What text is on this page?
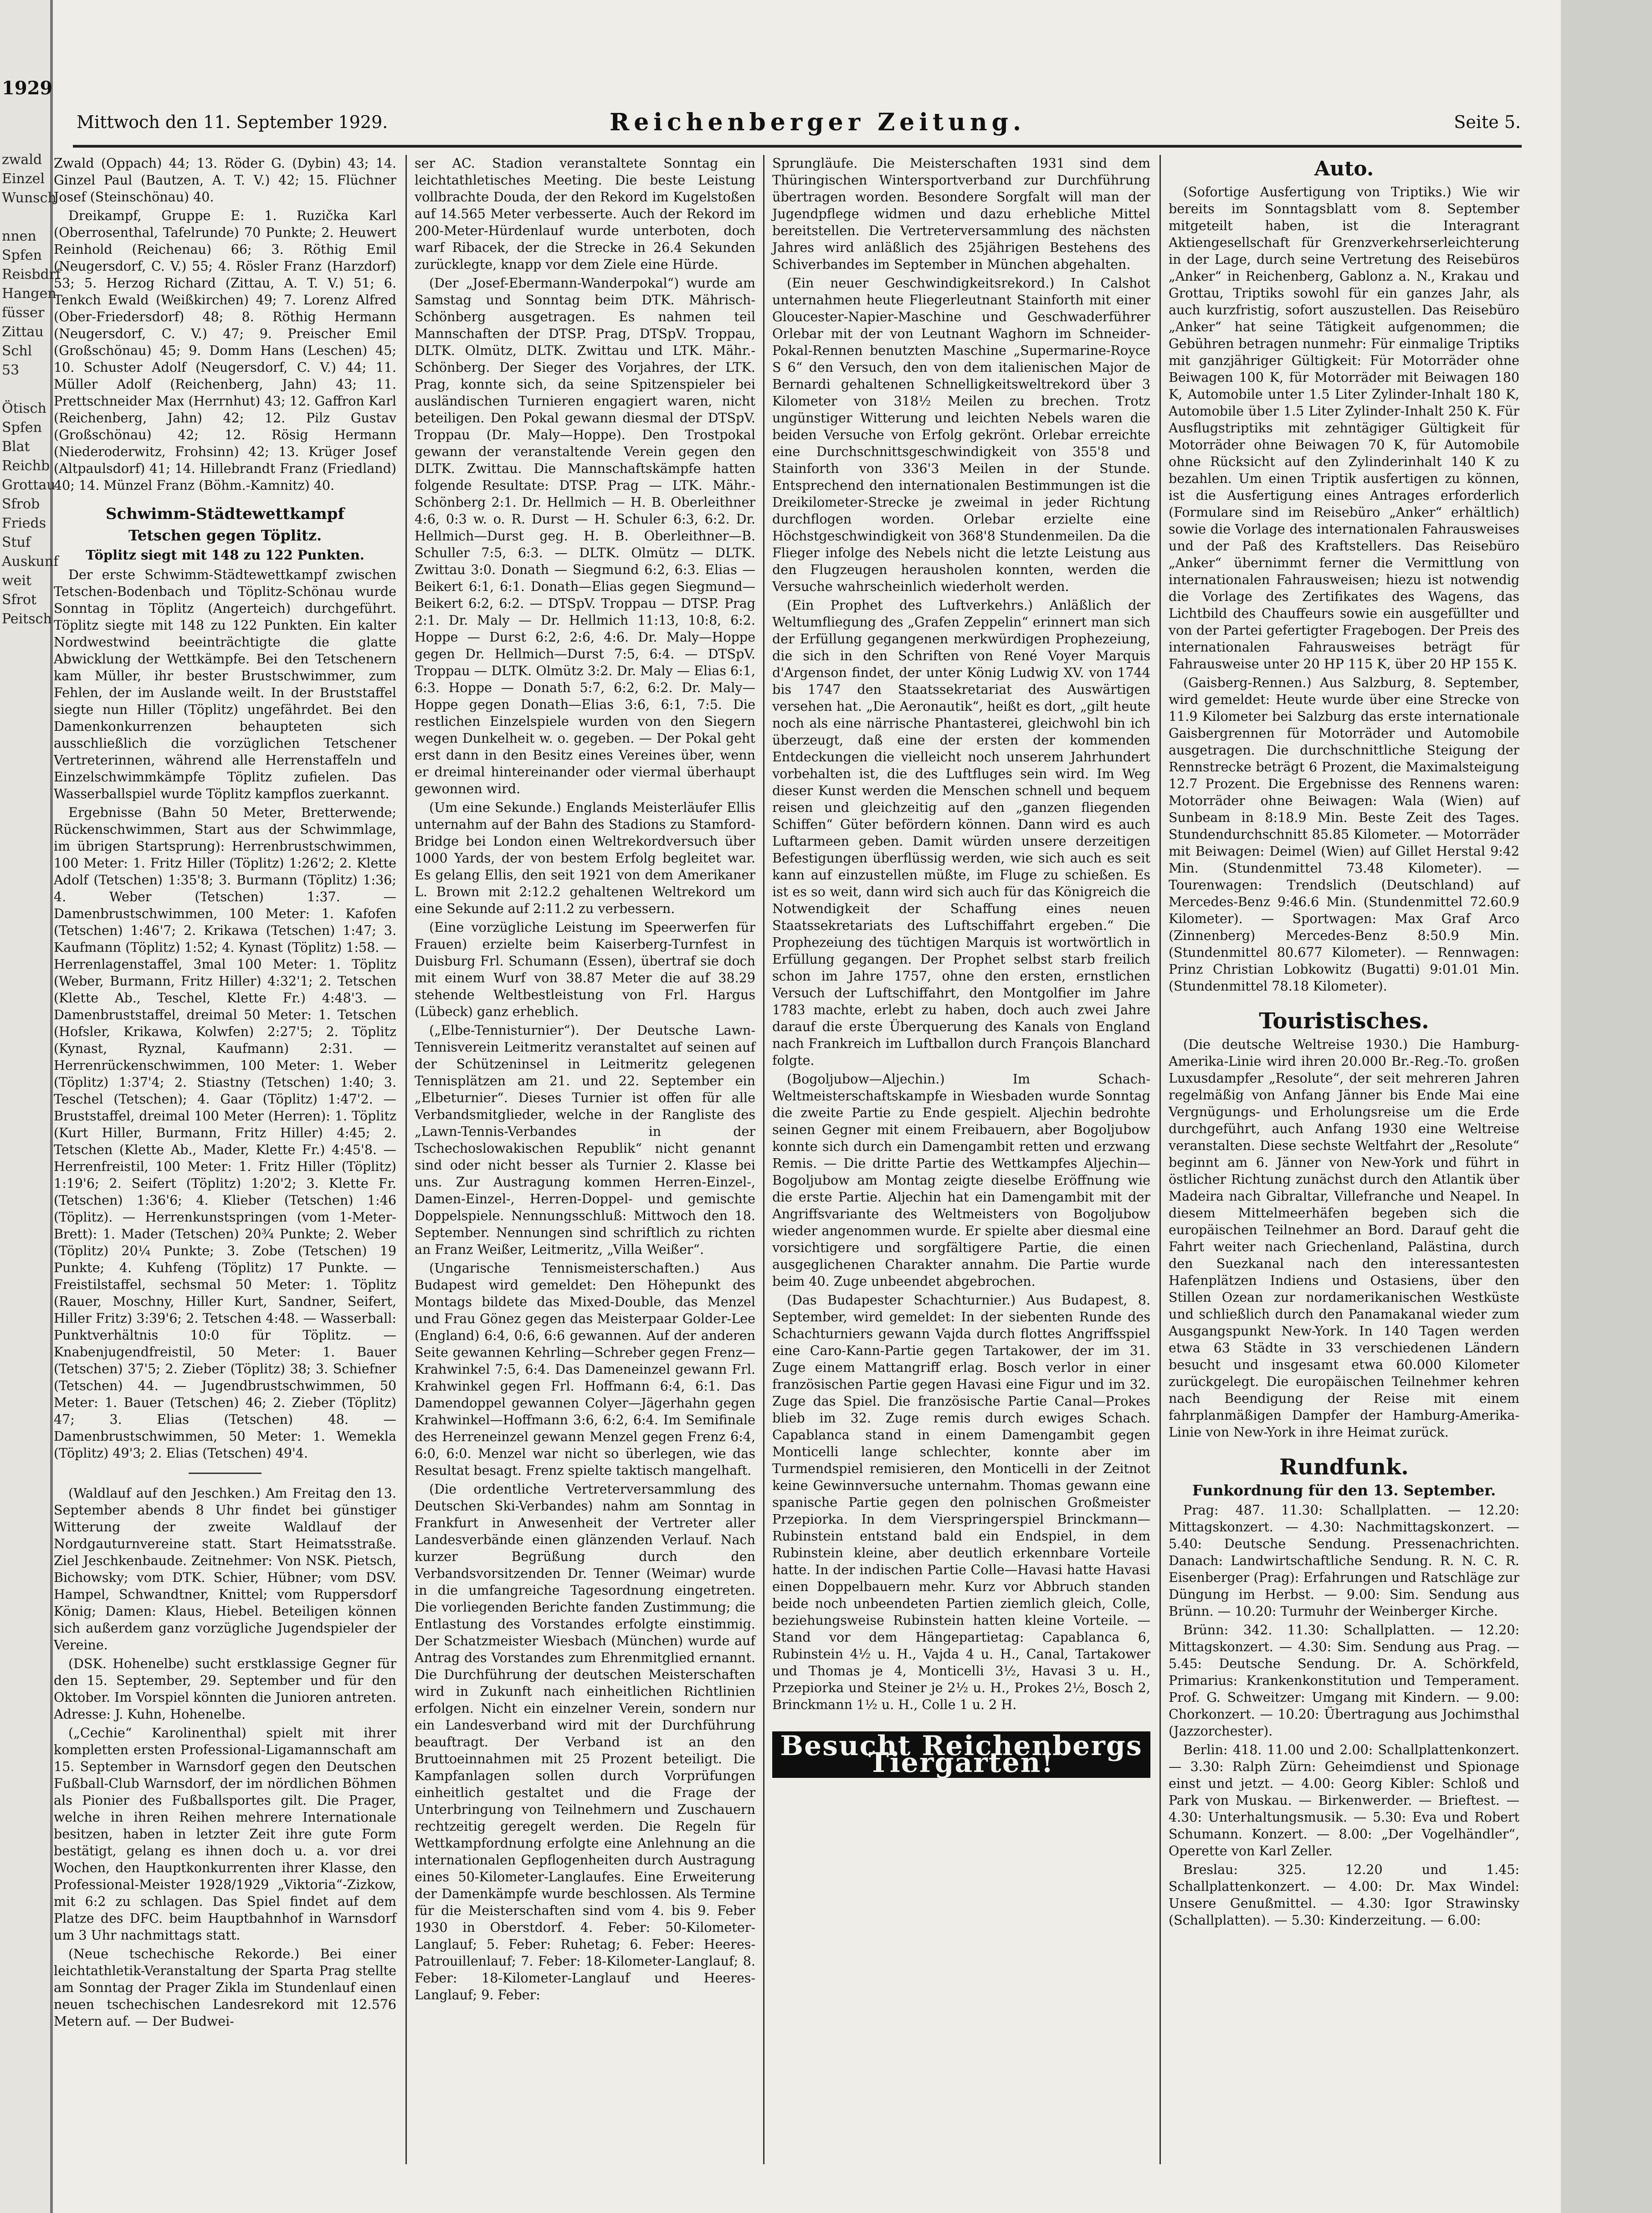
1929
zwald
Einzel
Wunsch

nnen
Spfen
Reisbdrf
Hangen
füsser
Zittau
Schl
53

Ötisch
Spfen
Blat
Reichb
Grottau
Sfrob
Frieds
Stuf
Auskunf
weit
Sfrot
Peitsch
Mittwoch den 11. September 1929.	Reichenberger Zeitung.	Seite 5.

Zwald (Oppach) 44; 13. Röder G. (Dybin) 43; 14. Ginzel Paul (Bautzen, A. T. V.) 42; 15. Flüchner Josef (Steinschönau) 40.

Dreikampf, Gruppe E: 1. Ruzička Karl (Oberrosenthal, Tafelrunde) 70 Punkte; 2. Heuwert Reinhold (Reichenau) 66; 3. Röthig Emil (Neugersdorf, C. V.) 55; 4. Rösler Franz (Harzdorf) 53; 5. Herzog Richard (Zittau, A. T. V.) 51; 6. Tenkch Ewald (Weißkirchen) 49; 7. Lorenz Alfred (Ober-Friedersdorf) 48; 8. Röthig Hermann (Neugersdorf, C. V.) 47; 9. Preischer Emil (Großschönau) 45; 9. Domm Hans (Leschen) 45; 10. Schuster Adolf (Neugersdorf, C. V.) 44; 11. Müller Adolf (Reichenberg, Jahn) 43; 11. Prettschneider Max (Herrnhut) 43; 12. Gaffron Karl (Reichenberg, Jahn) 42; 12. Pilz Gustav (Großschönau) 42; 12. Rösig Hermann (Niederoderwitz, Frohsinn) 42; 13. Krüger Josef (Altpaulsdorf) 41; 14. Hillebrandt Franz (Friedland) 40; 14. Münzel Franz (Böhm.-Kamnitz) 40.

Schwimm-Städtewettkampf
Tetschen gegen Töplitz.
Töplitz siegt mit 148 zu 122 Punkten.

Der erste Schwimm-Städtewettkampf zwischen Tetschen-Bodenbach und Töplitz-Schönau wurde Sonntag in Töplitz (Angerteich) durchgeführt. Töplitz siegte mit 148 zu 122 Punkten. Ein kalter Nordwestwind beeinträchtigte die glatte Abwicklung der Wettkämpfe. Bei den Tetschenern kam Müller, ihr bester Brustschwimmer, zum Fehlen, der im Auslande weilt. In der Bruststaffel siegte nun Hiller (Töplitz) ungefährdet. Bei den Damenkonkurrenzen behaupteten sich ausschließlich die vorzüglichen Tetschener Vertreterinnen, während alle Herrenstaffeln und Einzelschwimmkämpfe Töplitz zufielen. Das Wasserballspiel wurde Töplitz kampflos zuerkannt.

Ergebnisse (Bahn 50 Meter, Bretterwende; Rückenschwimmen, Start aus der Schwimmlage, im übrigen Startsprung): Herrenbrustschwimmen, 100 Meter: 1. Fritz Hiller (Töplitz) 1:26'2; 2. Klette Adolf (Tetschen) 1:35'8; 3. Burmann (Töplitz) 1:36; 4. Weber (Tetschen) 1:37. — Damenbrustschwimmen, 100 Meter: 1. Kafofen (Tetschen) 1:46'7; 2. Krikawa (Tetschen) 1:47; 3. Kaufmann (Töplitz) 1:52; 4. Kynast (Töplitz) 1:58. — Herrenlagenstaffel, 3mal 100 Meter: 1. Töplitz (Weber, Burmann, Fritz Hiller) 4:32'1; 2. Tetschen (Klette Ab., Teschel, Klette Fr.) 4:48'3. — Damenbruststaffel, dreimal 50 Meter: 1. Tetschen (Hofsler, Krikawa, Kolwfen) 2:27'5; 2. Töplitz (Kynast, Ryznal, Kaufmann) 2:31. — Herrenrückenschwimmen, 100 Meter: 1. Weber (Töplitz) 1:37'4; 2. Stiastny (Tetschen) 1:40; 3. Teschel (Tetschen); 4. Gaar (Töplitz) 1:47'2. — Bruststaffel, dreimal 100 Meter (Herren): 1. Töplitz (Kurt Hiller, Burmann, Fritz Hiller) 4:45; 2. Tetschen (Klette Ab., Mader, Klette Fr.) 4:45'8. — Herrenfreistil, 100 Meter: 1. Fritz Hiller (Töplitz) 1:19'6; 2. Seifert (Töplitz) 1:20'2; 3. Klette Fr. (Tetschen) 1:36'6; 4. Klieber (Tetschen) 1:46 (Töplitz). — Herrenkunstspringen (vom 1-Meter-Brett): 1. Mader (Tetschen) 20¾ Punkte; 2. Weber (Töplitz) 20¼ Punkte; 3. Zobe (Tetschen) 19 Punkte; 4. Kuhfeng (Töplitz) 17 Punkte. — Freistilstaffel, sechsmal 50 Meter: 1. Töplitz (Rauer, Moschny, Hiller Kurt, Sandner, Seifert, Hiller Fritz) 3:39'6; 2. Tetschen 4:48. — Wasserball: Punktverhältnis 10:0 für Töplitz. — Knabenjugendfreistil, 50 Meter: 1. Bauer (Tetschen) 37'5; 2. Zieber (Töplitz) 38; 3. Schiefner (Tetschen) 44. — Jugendbrustschwimmen, 50 Meter: 1. Bauer (Tetschen) 46; 2. Zieber (Töplitz) 47; 3. Elias (Tetschen) 48. — Damenbrustschwimmen, 50 Meter: 1. Wemekla (Töplitz) 49'3; 2. Elias (Tetschen) 49'4.

(Waldlauf auf den Jeschken.) Am Freitag den 13. September abends 8 Uhr findet bei günstiger Witterung der zweite Waldlauf der Nordgauturnvereine statt. Start Heimatsstraße. Ziel Jeschkenbaude. Zeitnehmer: Von NSK. Pietsch, Bichowsky; vom DTK. Schier, Hübner; vom DSV. Hampel, Schwandtner, Knittel; vom Ruppersdorf König; Damen: Klaus, Hiebel. Beteiligen können sich außerdem ganz vorzügliche Jugendspieler der Vereine.

(DSK. Hohenelbe) sucht erstklassige Gegner für den 15. September, 29. September und für den Oktober. Im Vorspiel könnten die Junioren antreten. Adresse: J. Kuhn, Hohenelbe.

(„Cechie“ Karolinenthal) spielt mit ihrer kompletten ersten Professional-Ligamannschaft am 15. September in Warnsdorf gegen den Deutschen Fußball-Club Warnsdorf, der im nördlichen Böhmen als Pionier des Fußballsportes gilt. Die Prager, welche in ihren Reihen mehrere Internationale besitzen, haben in letzter Zeit ihre gute Form bestätigt, gelang es ihnen doch u. a. vor drei Wochen, den Hauptkonkurrenten ihrer Klasse, den Professional-Meister 1928/1929 „Viktoria“-Zizkow, mit 6:2 zu schlagen. Das Spiel findet auf dem Platze des DFC. beim Hauptbahnhof in Warnsdorf um 3 Uhr nachmittags statt.

(Neue tschechische Rekorde.) Bei einer leichtathletik-Veranstaltung der Sparta Prag stellte am Sonntag der Prager Zikla im Stundenlauf einen neuen tschechischen Landesrekord mit 12.576 Metern auf. — Der Budwei-

ser AC. Stadion veranstaltete Sonntag ein leichtathletisches Meeting. Die beste Leistung vollbrachte Douda, der den Rekord im Kugelstoßen auf 14.565 Meter verbesserte. Auch der Rekord im 200-Meter-Hürdenlauf wurde unterboten, doch warf Ribacek, der die Strecke in 26.4 Sekunden zurücklegte, knapp vor dem Ziele eine Hürde.

(Der „Josef-Ebermann-Wanderpokal“) wurde am Samstag und Sonntag beim DTK. Mährisch-Schönberg ausgetragen. Es nahmen teil Mannschaften der DTSP. Prag, DTSpV. Troppau, DLTK. Olmütz, DLTK. Zwittau und LTK. Mähr.-Schönberg. Der Sieger des Vorjahres, der LTK. Prag, konnte sich, da seine Spitzenspieler bei ausländischen Turnieren engagiert waren, nicht beteiligen. Den Pokal gewann diesmal der DTSpV. Troppau (Dr. Maly—Hoppe). Den Trostpokal gewann der veranstaltende Verein gegen den DLTK. Zwittau. Die Mannschaftskämpfe hatten folgende Resultate: DTSP. Prag — LTK. Mähr.-Schönberg 2:1. Dr. Hellmich — H. B. Oberleithner 4:6, 0:3 w. o. R. Durst — H. Schuler 6:3, 6:2. Dr. Hellmich—Durst geg. H. B. Oberleithner—B. Schuller 7:5, 6:3. — DLTK. Olmütz — DLTK. Zwittau 3:0. Donath — Siegmund 6:2, 6:3. Elias — Beikert 6:1, 6:1. Donath—Elias gegen Siegmund—Beikert 6:2, 6:2. — DTSpV. Troppau — DTSP. Prag 2:1. Dr. Maly — Dr. Hellmich 11:13, 10:8, 6:2. Hoppe — Durst 6:2, 2:6, 4:6. Dr. Maly—Hoppe gegen Dr. Hellmich—Durst 7:5, 6:4. — DTSpV. Troppau — DLTK. Olmütz 3:2. Dr. Maly — Elias 6:1, 6:3. Hoppe — Donath 5:7, 6:2, 6:2. Dr. Maly—Hoppe gegen Donath—Elias 3:6, 6:1, 7:5. Die restlichen Einzelspiele wurden von den Siegern wegen Dunkelheit w. o. gegeben. — Der Pokal geht erst dann in den Besitz eines Vereines über, wenn er dreimal hintereinander oder viermal überhaupt gewonnen wird.

(Um eine Sekunde.) Englands Meisterläufer Ellis unternahm auf der Bahn des Stadions zu Stamford-Bridge bei London einen Weltrekordversuch über 1000 Yards, der von bestem Erfolg begleitet war. Es gelang Ellis, den seit 1921 von dem Amerikaner L. Brown mit 2:12.2 gehaltenen Weltrekord um eine Sekunde auf 2:11.2 zu verbessern.

(Eine vorzügliche Leistung im Speerwerfen für Frauen) erzielte beim Kaiserberg-Turnfest in Duisburg Frl. Schumann (Essen), übertraf sie doch mit einem Wurf von 38.87 Meter die auf 38.29 stehende Weltbestleistung von Frl. Hargus (Lübeck) ganz erheblich.

(„Elbe-Tennisturnier“). Der Deutsche Lawn-Tennisverein Leitmeritz veranstaltet auf seinen auf der Schützeninsel in Leitmeritz gelegenen Tennisplätzen am 21. und 22. September ein „Elbeturnier“. Dieses Turnier ist offen für alle Verbandsmitglieder, welche in der Rangliste des „Lawn-Tennis-Verbandes in der Tschechoslowakischen Republik“ nicht genannt sind oder nicht besser als Turnier 2. Klasse bei uns. Zur Austragung kommen Herren-Einzel-, Damen-Einzel-, Herren-Doppel- und gemischte Doppelspiele. Nennungsschluß: Mittwoch den 18. September. Nennungen sind schriftlich zu richten an Franz Weißer, Leitmeritz, „Villa Weißer“.

(Ungarische Tennismeisterschaften.) Aus Budapest wird gemeldet: Den Höhepunkt des Montags bildete das Mixed-Double, das Menzel und Frau Gönez gegen das Meisterpaar Golder-Lee (England) 6:4, 0:6, 6:6 gewannen. Auf der anderen Seite gewannen Kehrling—Schreber gegen Frenz—Krahwinkel 7:5, 6:4. Das Dameneinzel gewann Frl. Krahwinkel gegen Frl. Hoffmann 6:4, 6:1. Das Damendoppel gewannen Colyer—Jägerhahn gegen Krahwinkel—Hoffmann 3:6, 6:2, 6:4. Im Semifinale des Herreneinzel gewann Menzel gegen Frenz 6:4, 6:0, 6:0. Menzel war nicht so überlegen, wie das Resultat besagt. Frenz spielte taktisch mangelhaft.

(Die ordentliche Vertreterversammlung des Deutschen Ski-Verbandes) nahm am Sonntag in Frankfurt in Anwesenheit der Vertreter aller Landesverbände einen glänzenden Verlauf. Nach kurzer Begrüßung durch den Verbandsvorsitzenden Dr. Tenner (Weimar) wurde in die umfangreiche Tagesordnung eingetreten. Die vorliegenden Berichte fanden Zustimmung; die Entlastung des Vorstandes erfolgte einstimmig. Der Schatzmeister Wiesbach (München) wurde auf Antrag des Vorstandes zum Ehrenmitglied ernannt. Die Durchführung der deutschen Meisterschaften wird in Zukunft nach einheitlichen Richtlinien erfolgen. Nicht ein einzelner Verein, sondern nur ein Landesverband wird mit der Durchführung beauftragt. Der Verband ist an den Bruttoeinnahmen mit 25 Prozent beteiligt. Die Kampfanlagen sollen durch Vorprüfungen einheitlich gestaltet und die Frage der Unterbringung von Teilnehmern und Zuschauern rechtzeitig geregelt werden. Die Regeln für Wettkampfordnung erfolgte eine Anlehnung an die internationalen Gepflogenheiten durch Austragung eines 50-Kilometer-Langlaufes. Eine Erweiterung der Damenkämpfe wurde beschlossen. Als Termine für die Meisterschaften sind vom 4. bis 9. Feber 1930 in Oberstdorf. 4. Feber: 50-Kilometer-Langlauf; 5. Feber: Ruhetag; 6. Feber: Heeres-Patrouillenlauf; 7. Feber: 18-Kilometer-Langlauf; 8. Feber: 18-Kilometer-Langlauf und Heeres-Langlauf; 9. Feber:

Sprungläufe. Die Meisterschaften 1931 sind dem Thüringischen Wintersportverband zur Durchführung übertragen worden. Besondere Sorgfalt will man der Jugendpflege widmen und dazu erhebliche Mittel bereitstellen. Die Vertreterversammlung des nächsten Jahres wird anläßlich des 25jährigen Bestehens des Schiverbandes im September in München abgehalten.

(Ein neuer Geschwindigkeitsrekord.) In Calshot unternahmen heute Fliegerleutnant Stainforth mit einer Gloucester-Napier-Maschine und Geschwaderführer Orlebar mit der von Leutnant Waghorn im Schneider-Pokal-Rennen benutzten Maschine „Supermarine-Royce S 6“ den Versuch, den von dem italienischen Major de Bernardi gehaltenen Schnelligkeitsweltrekord über 3 Kilometer von 318½ Meilen zu brechen. Trotz ungünstiger Witterung und leichten Nebels waren die beiden Versuche von Erfolg gekrönt. Orlebar erreichte eine Durchschnittsgeschwindigkeit von 355'8 und Stainforth von 336'3 Meilen in der Stunde. Entsprechend den internationalen Bestimmungen ist die Dreikilometer-Strecke je zweimal in jeder Richtung durchflogen worden. Orlebar erzielte eine Höchstgeschwindigkeit von 368'8 Stundenmeilen. Da die Flieger infolge des Nebels nicht die letzte Leistung aus den Flugzeugen herausholen konnten, werden die Versuche wahrscheinlich wiederholt werden.

(Ein Prophet des Luftverkehrs.) Anläßlich der Weltumfliegung des „Grafen Zeppelin“ erinnert man sich der Erfüllung gegangenen merkwürdigen Prophezeiung, die sich in den Schriften von René Voyer Marquis d'Argenson findet, der unter König Ludwig XV. von 1744 bis 1747 den Staatssekretariat des Auswärtigen versehen hat. „Die Aeronautik“, heißt es dort, „gilt heute noch als eine närrische Phantasterei, gleichwohl bin ich überzeugt, daß eine der ersten der kommenden Entdeckungen die vielleicht noch unserem Jahrhundert vorbehalten ist, die des Luftfluges sein wird. Im Weg dieser Kunst werden die Menschen schnell und bequem reisen und gleichzeitig auf den „ganzen fliegenden Schiffen“ Güter befördern können. Dann wird es auch Luftarmeen geben. Damit würden unsere derzeitigen Befestigungen überflüssig werden, wie sich auch es seit kann auf einzustellen müßte, im Fluge zu schießen. Es ist es so weit, dann wird sich auch für das Königreich die Notwendigkeit der Schaffung eines neuen Staatssekretariats des Luftschiffahrt ergeben.“ Die Prophezeiung des tüchtigen Marquis ist wortwörtlich in Erfüllung gegangen. Der Prophet selbst starb freilich schon im Jahre 1757, ohne den ersten, ernstlichen Versuch der Luftschiffahrt, den Montgolfier im Jahre 1783 machte, erlebt zu haben, doch auch zwei Jahre darauf die erste Überquerung des Kanals von England nach Frankreich im Luftballon durch François Blanchard folgte.

(Bogoljubow—Aljechin.) Im Schach-Weltmeisterschaftskampfe in Wiesbaden wurde Sonntag die zweite Partie zu Ende gespielt. Aljechin bedrohte seinen Gegner mit einem Freibauern, aber Bogoljubow konnte sich durch ein Damengambit retten und erzwang Remis. — Die dritte Partie des Wettkampfes Aljechin—Bogoljubow am Montag zeigte dieselbe Eröffnung wie die erste Partie. Aljechin hat ein Damengambit mit der Angriffsvariante des Weltmeisters von Bogoljubow wieder angenommen wurde. Er spielte aber diesmal eine vorsichtigere und sorgfältigere Partie, die einen ausgeglichenen Charakter annahm. Die Partie wurde beim 40. Zuge unbeendet abgebrochen.

(Das Budapester Schachturnier.) Aus Budapest, 8. September, wird gemeldet: In der siebenten Runde des Schachturniers gewann Vajda durch flottes Angriffsspiel eine Caro-Kann-Partie gegen Tartakower, der im 31. Zuge einem Mattangriff erlag. Bosch verlor in einer französischen Partie gegen Havasi eine Figur und im 32. Zuge das Spiel. Die französische Partie Canal—Prokes blieb im 32. Zuge remis durch ewiges Schach. Capablanca stand in einem Damengambit gegen Monticelli lange schlechter, konnte aber im Turmendspiel remisieren, den Monticelli in der Zeitnot keine Gewinnversuche unternahm. Thomas gewann eine spanische Partie gegen den polnischen Großmeister Przepiorka. In dem Vierspringerspiel Brinckmann—Rubinstein entstand bald ein Endspiel, in dem Rubinstein kleine, aber deutlich erkennbare Vorteile hatte. In der indischen Partie Colle—Havasi hatte Havasi einen Doppelbauern mehr. Kurz vor Abbruch standen beide noch unbeendeten Partien ziemlich gleich, Colle, beziehungsweise Rubinstein hatten kleine Vorteile. — Stand vor dem Hängepartietag: Capablanca 6, Rubinstein 4½ u. H., Vajda 4 u. H., Canal, Tartakower und Thomas je 4, Monticelli 3½, Havasi 3 u. H., Przepiorka und Steiner je 2½ u. H., Prokes 2½, Bosch 2, Brinckmann 1½ u. H., Colle 1 u. 2 H.

Besucht Reichenbergs Tiergarten!
Auto.

(Sofortige Ausfertigung von Triptiks.) Wie wir bereits im Sonntagsblatt vom 8. September mitgeteilt haben, ist die Interagrant Aktiengesellschaft für Grenzverkehrserleichterung in der Lage, durch seine Vertretung des Reisebüros „Anker“ in Reichenberg, Gablonz a. N., Krakau und Grottau, Triptiks sowohl für ein ganzes Jahr, als auch kurzfristig, sofort auszustellen. Das Reisebüro „Anker“ hat seine Tätigkeit aufgenommen; die Gebühren betragen nunmehr: Für einmalige Triptiks mit ganzjähriger Gültigkeit: Für Motorräder ohne Beiwagen 100 K, für Motorräder mit Beiwagen 180 K, Automobile unter 1.5 Liter Zylinder-Inhalt 180 K, Automobile über 1.5 Liter Zylinder-Inhalt 250 K. Für Ausflugstriptiks mit zehntägiger Gültigkeit für Motorräder ohne Beiwagen 70 K, für Automobile ohne Rücksicht auf den Zylinderinhalt 140 K zu bezahlen. Um einen Triptik ausfertigen zu können, ist die Ausfertigung eines Antrages erforderlich (Formulare sind im Reisebüro „Anker“ erhältlich) sowie die Vorlage des internationalen Fahrausweises und der Paß des Kraftstellers. Das Reisebüro „Anker“ übernimmt ferner die Vermittlung von internationalen Fahrausweisen; hiezu ist notwendig die Vorlage des Zertifikates des Wagens, das Lichtbild des Chauffeurs sowie ein ausgefüllter und von der Partei gefertigter Fragebogen. Der Preis des internationalen Fahrausweises beträgt für Fahrausweise unter 20 HP 115 K, über 20 HP 155 K.

(Gaisberg-Rennen.) Aus Salzburg, 8. September, wird gemeldet: Heute wurde über eine Strecke von 11.9 Kilometer bei Salzburg das erste internationale Gaisbergrennen für Motorräder und Automobile ausgetragen. Die durchschnittliche Steigung der Rennstrecke beträgt 6 Prozent, die Maximalsteigung 12.7 Prozent. Die Ergebnisse des Rennens waren: Motorräder ohne Beiwagen: Wala (Wien) auf Sunbeam in 8:18.9 Min. Beste Zeit des Tages. Stundendurchschnitt 85.85 Kilometer. — Motorräder mit Beiwagen: Deimel (Wien) auf Gillet Herstal 9:42 Min. (Stundenmittel 73.48 Kilometer). — Tourenwagen: Trendslich (Deutschland) auf Mercedes-Benz 9:46.6 Min. (Stundenmittel 72.60.9 Kilometer). — Sportwagen: Max Graf Arco (Zinnenberg) Mercedes-Benz 8:50.9 Min. (Stundenmittel 80.677 Kilometer). — Rennwagen: Prinz Christian Lobkowitz (Bugatti) 9:01.01 Min. (Stundenmittel 78.18 Kilometer).

Touristisches.

(Die deutsche Weltreise 1930.) Die Hamburg-Amerika-Linie wird ihren 20.000 Br.-Reg.-To. großen Luxusdampfer „Resolute“, der seit mehreren Jahren regelmäßig von Anfang Jänner bis Ende Mai eine Vergnügungs- und Erholungsreise um die Erde durchgeführt, auch Anfang 1930 eine Weltreise veranstalten. Diese sechste Weltfahrt der „Resolute“ beginnt am 6. Jänner von New-York und führt in östlicher Richtung zunächst durch den Atlantik über Madeira nach Gibraltar, Villefranche und Neapel. In diesem Mittelmeerhäfen begeben sich die europäischen Teilnehmer an Bord. Darauf geht die Fahrt weiter nach Griechenland, Palästina, durch den Suezkanal nach den interessantesten Hafenplätzen Indiens und Ostasiens, über den Stillen Ozean zur nordamerikanischen Westküste und schließlich durch den Panamakanal wieder zum Ausgangspunkt New-York. In 140 Tagen werden etwa 63 Städte in 33 verschiedenen Ländern besucht und insgesamt etwa 60.000 Kilometer zurückgelegt. Die europäischen Teilnehmer kehren nach Beendigung der Reise mit einem fahrplanmäßigen Dampfer der Hamburg-Amerika-Linie von New-York in ihre Heimat zurück.

Rundfunk.
Funkordnung für den 13. September.

Prag: 487. 11.30: Schallplatten. — 12.20: Mittagskonzert. — 4.30: Nachmittagskonzert. — 5.40: Deutsche Sendung. Pressenachrichten. Danach: Landwirtschaftliche Sendung. R. N. C. R. Eisenberger (Prag): Erfahrungen und Ratschläge zur Düngung im Herbst. — 9.00: Sim. Sendung aus Brünn. — 10.20: Turmuhr der Weinberger Kirche.

Brünn: 342. 11.30: Schallplatten. — 12.20: Mittagskonzert. — 4.30: Sim. Sendung aus Prag. — 5.45: Deutsche Sendung. Dr. A. Schörkfeld, Primarius: Krankenkonstitution und Temperament. Prof. G. Schweitzer: Umgang mit Kindern. — 9.00: Chorkonzert. — 10.20: Übertragung aus Jochimsthal (Jazzorchester).

Berlin: 418. 11.00 und 2.00: Schallplattenkonzert. — 3.30: Ralph Zürn: Geheimdienst und Spionage einst und jetzt. — 4.00: Georg Kibler: Schloß und Park von Muskau. — Birkenwerder. — Brieftest. — 4.30: Unterhaltungsmusik. — 5.30: Eva und Robert Schumann. Konzert. — 8.00: „Der Vogelhändler“, Operette von Karl Zeller.

Breslau: 325. 12.20 und 1.45: Schallplattenkonzert. — 4.00: Dr. Max Windel: Unsere Genußmittel. — 4.30: Igor Strawinsky (Schallplatten). — 5.30: Kinderzeitung. — 6.00:
